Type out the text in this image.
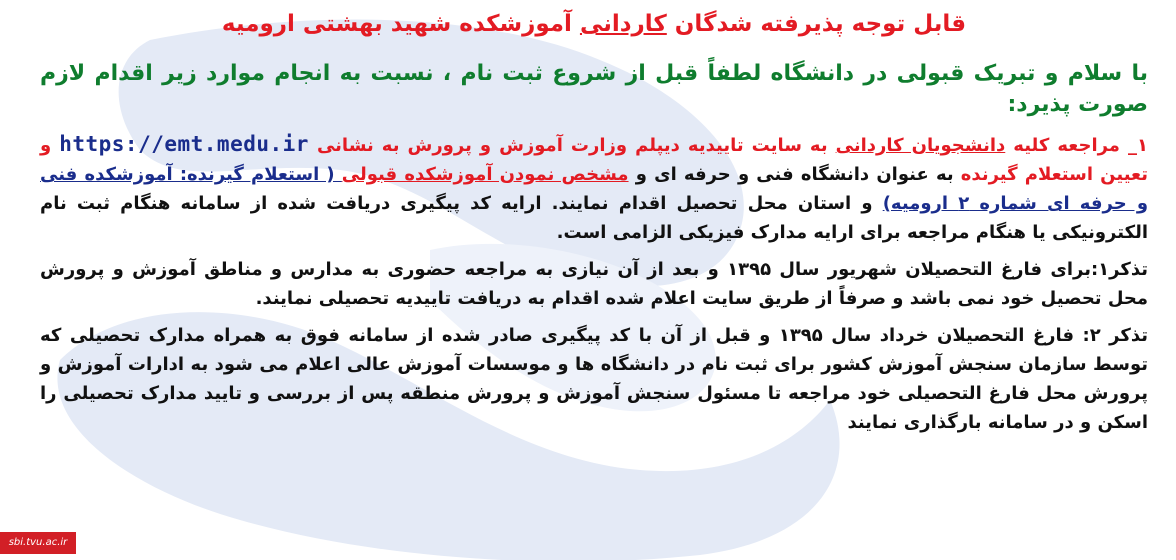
قابل توجه پذیرفته شدگان کاردانی آموزشکده شهید بهشتی ارومیه
با سلام و تبریک قبولی در دانشگاه لطفاً قبل از شروع ثبت نام ، نسبت به انجام موارد زیر اقدام لازم صورت پذیرد:
۱_ مراجعه کلیه دانشجویان کاردانی به سایت تاییدیه دیپلم وزارت آموزش و پرورش به نشانی https://emt.medu.ir و تعیین استعلام گیرنده به عنوان دانشگاه فنی و حرفه ای و مشخص نمودن آموزشکده قبولی ( استعلام گیرنده: آموزشکده فنی و حرفه ای شماره ۲ ارومیه) و استان محل تحصیل اقدام نمایند. ارایه کد پیگیری دریافت شده از سامانه هنگام ثبت نام الکترونیکی یا هنگام مراجعه برای ارایه مدارک فیزیکی الزامی است.
تذکر۱:برای فارغ التحصیلان شهریور سال ۱۳۹۵ و بعد از آن نیازی به مراجعه حضوری به مدارس و مناطق آموزش و پرورش محل تحصیل خود نمی باشد و صرفاً از طریق سایت اعلام شده اقدام به دریافت تاییدیه تحصیلی نمایند.
تذکر ۲: فارغ التحصیلان خرداد سال ۱۳۹۵ و قبل از آن با کد پیگیری صادر شده از سامانه فوق به همراه مدارک تحصیلی که توسط سازمان سنجش آموزش کشور برای ثبت نام در دانشگاه ها و موسسات آموزش عالی اعلام می شود به ادارات آموزش و پرورش محل فارغ التحصیلی خود مراجعه تا مسئول سنجش آموزش و پرورش منطقه پس از بررسی و تایید مدارک تحصیلی را اسکن و در سامانه بارگذاری نمایند
sbi.tvu.ac.ir
